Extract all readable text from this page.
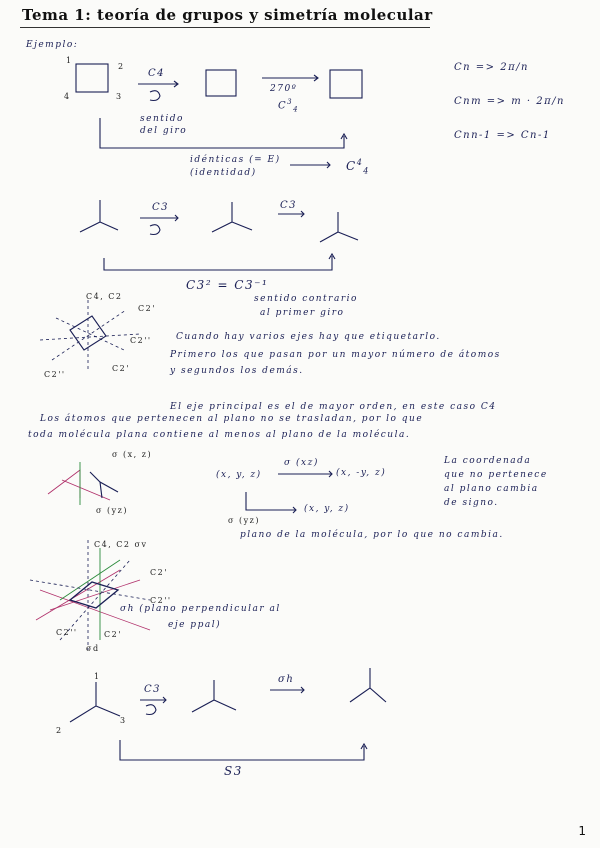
Tema 1: teoría de grupos y simetría molecular
Ejemplo:
1
2
3
4
C4
270º
$C^3_4$
sentido
del giro
idénticas (= E)
(identidad)	$C^4_4$
Cn => 2π/n
Cnm => m · 2π/n
Cnn-1 => Cn-1
C3	C3
C3² = C3⁻¹
sentido contrario
al primer giro
C4, C2
C2'
C2''
C2''
C2'
Cuando hay varios ejes hay que etiquetarlo.
Primero los que pasan por un mayor número de átomos
y segundos los demás.
El eje principal es el de mayor orden, en este caso C4
Los átomos que pertenecen al plano no se trasladan, por lo que
toda molécula plana contiene al menos al plano de la molécula.
σ (x, z)
σ (yz)
(x, y, z)
σ (xz)
(x, -y, z)
σ (yz)
(x, y, z)
La coordenada
que no pertenece
al plano cambia
de signo.
plano de la molécula, por lo que no cambia.
C4, C2 σv
C2'
C2''
C2''	C2'
σh (plano perpendicular al
eje ppal)
σd
1
2
3
C3
σh
S3
1
